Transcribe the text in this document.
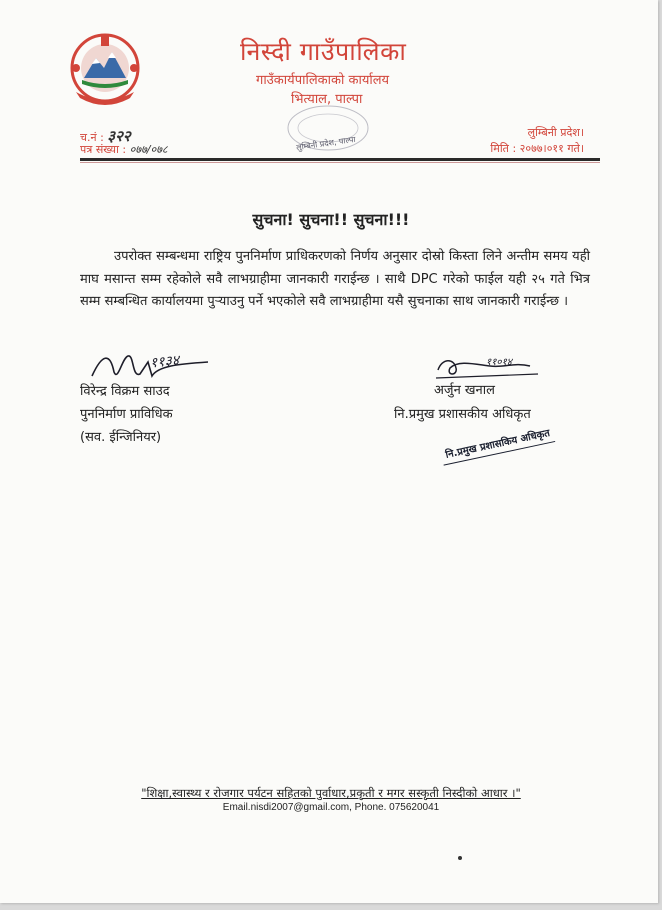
निस्दी गाउँपालिका
गाउँकार्यपालिकाको कार्यालय
भित्याल, पाल्पा
लुम्बिनी प्रदेश, पाल्पा
च.नं : ३२२
पत्र संख्या : ०७७/०७८
लुम्बिनी प्रदेश।
मिति : २०७७।०११ गते।
सुचना! सुचना!! सुचना!!!
उपरोक्त सम्बन्धमा राष्ट्रिय पुननिर्माण प्राधिकरणको निर्णय अनुसार दोस्रो किस्ता लिने अन्तीम समय यही माघ मसान्त सम्म रहेकोले सवै लाभग्राहीमा जानकारी गराईन्छ । साथै DPC गरेको फाईल यही २५ गते भित्र सम्म सम्बन्धित कार्यालयमा पुर्‍याउनु पर्ने भएकोले सवै लाभग्राहीमा यसै सुचनाका साथ जानकारी गराईन्छ ।
११३४
विरेन्द्र विक्रम साउद
पुननिर्माण प्राविधिक
(सव. ईन्जिनियर)
११०१४
अर्जुन खनाल
नि.प्रमुख प्रशासकीय अधिकृत
नि.प्रमुख प्रशासकिय अधिकृत
"शिक्षा,स्वास्थ्य र रोजगार पर्यटन सहितको पुर्वाधार,प्रकृती र मगर सस्कृती निस्दीको आधार ।"
Email.nisdi2007@gmail.com, Phone. 075620041
